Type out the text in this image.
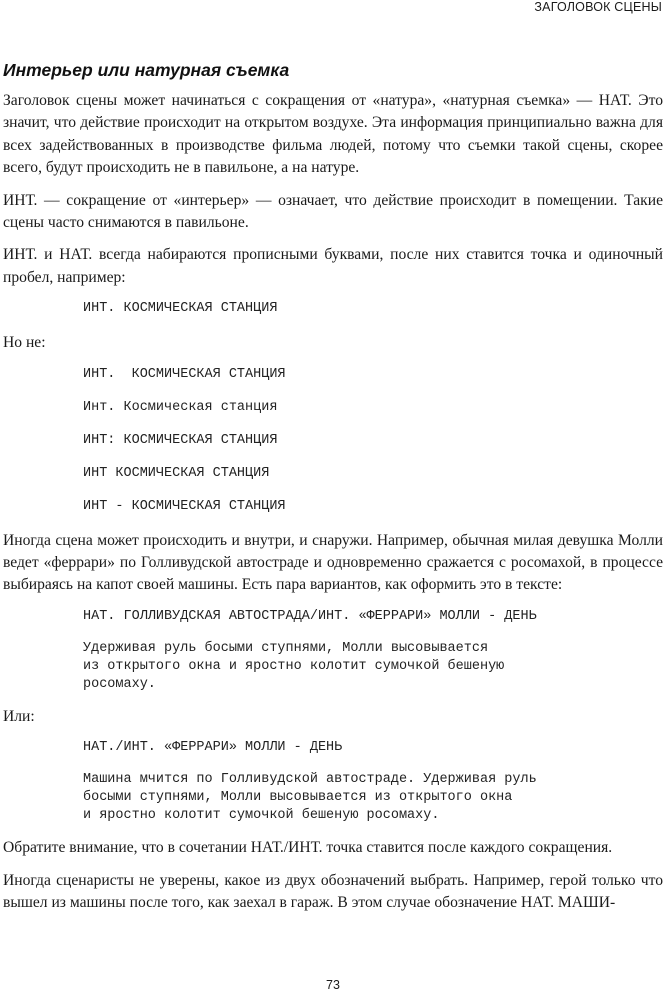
ЗАГОЛОВОК СЦЕНЫ
Интерьер или натурная съемка

Заголовок сцены может начинаться с сокращения от «натура», «натурная съемка» — НАТ. Это значит, что действие происходит на открытом воздухе. Эта информация принципиально важна для всех задействованных в производстве фильма людей, потому что съемки такой сцены, скорее всего, будут происходить не в павильоне, а на натуре.

ИНТ. — сокращение от «интерьер» — означает, что действие происходит в помещении. Такие сцены часто снимаются в павильоне.

ИНТ. и НАТ. всегда набираются прописными буквами, после них ставится точка и одиночный пробел, например:

ИНТ. КОСМИЧЕСКАЯ СТАНЦИЯ

Но не:

ИНТ.  КОСМИЧЕСКАЯ СТАНЦИЯ
Инт. Космическая станция
ИНТ: КОСМИЧЕСКАЯ СТАНЦИЯ
ИНТ КОСМИЧЕСКАЯ СТАНЦИЯ
ИНТ - КОСМИЧЕСКАЯ СТАНЦИЯ

Иногда сцена может происходить и внутри, и снаружи. Например, обычная милая девушка Молли ведет «феррари» по Голливудской автостраде и одновременно сражается с росомахой, в процессе выбираясь на капот своей машины. Есть пара вариантов, как оформить это в тексте:

НАТ. ГОЛЛИВУДСКАЯ АВТОСТРАДА/ИНТ. «ФЕРРАРИ» МОЛЛИ - ДЕНЬ
Удерживая руль босыми ступнями, Молли высовывается
из открытого окна и яростно колотит сумочкой бешеную
росомаху.

Или:

НАТ./ИНТ. «ФЕРРАРИ» МОЛЛИ - ДЕНЬ
Машина мчится по Голливудской автостраде. Удерживая руль
босыми ступнями, Молли высовывается из открытого окна
и яростно колотит сумочкой бешеную росомаху.

Обратите внимание, что в сочетании НАТ./ИНТ. точка ставится после каждого сокращения.

Иногда сценаристы не уверены, какое из двух обозначений выбрать. Например, герой только что вышел из машины после того, как заехал в гараж. В этом случае обозначение НАТ. МАШИ-

73
